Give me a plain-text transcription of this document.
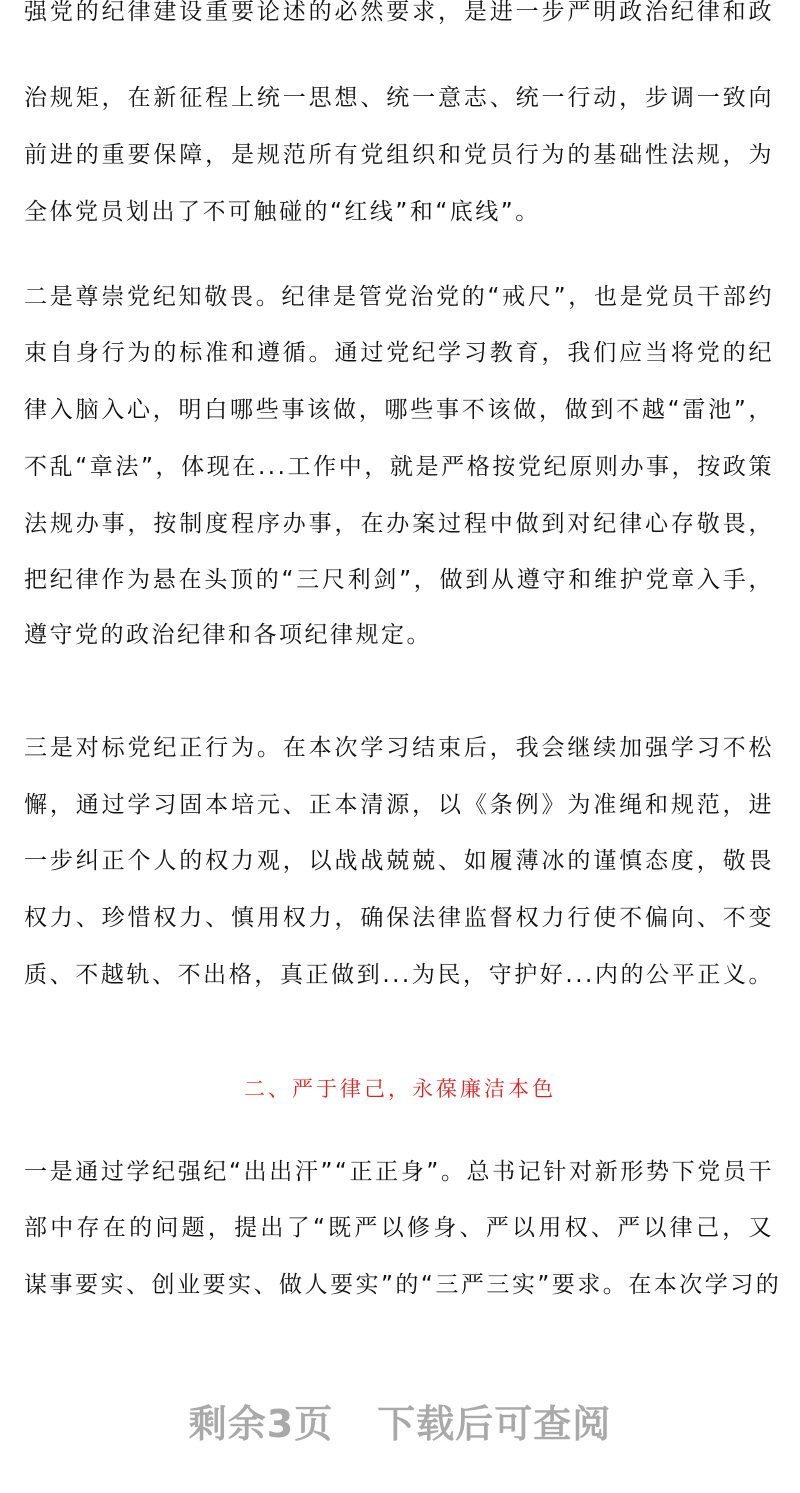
强党的纪律建设重要论述的必然要求，是进一步严明政治纪律和政
治规矩，在新征程上统一思想、统一意志、统一行动，步调一致向
前进的重要保障，是规范所有党组织和党员行为的基础性法规，为
全体党员划出了不可触碰的“红线”和“底线”。
二是尊崇党纪知敬畏。纪律是管党治党的“戒尺”，也是党员干部约
束自身行为的标准和遵循。通过党纪学习教育，我们应当将党的纪
律入脑入心，明白哪些事该做，哪些事不该做，做到不越“雷池”，
不乱“章法”，体现在...工作中，就是严格按党纪原则办事，按政策
法规办事，按制度程序办事，在办案过程中做到对纪律心存敬畏，
把纪律作为悬在头顶的“三尺利剑”，做到从遵守和维护党章入手，
遵守党的政治纪律和各项纪律规定。
三是对标党纪正行为。在本次学习结束后，我会继续加强学习不松
懈，通过学习固本培元、正本清源，以《条例》为准绳和规范，进
一步纠正个人的权力观，以战战兢兢、如履薄冰的谨慎态度，敬畏
权力、珍惜权力、慎用权力，确保法律监督权力行使不偏向、不变
质、不越轨、不出格，真正做到...为民，守护好...内的公平正义。
二、严于律己，永葆廉洁本色
一是通过学纪强纪“出出汗”“正正身”。总书记针对新形势下党员干
部中存在的问题，提出了“既严以修身、严以用权、严以律己，又
谋事要实、创业要实、做人要实”的“三严三实”要求。在本次学习的
剩余3页 下载后可查阅
